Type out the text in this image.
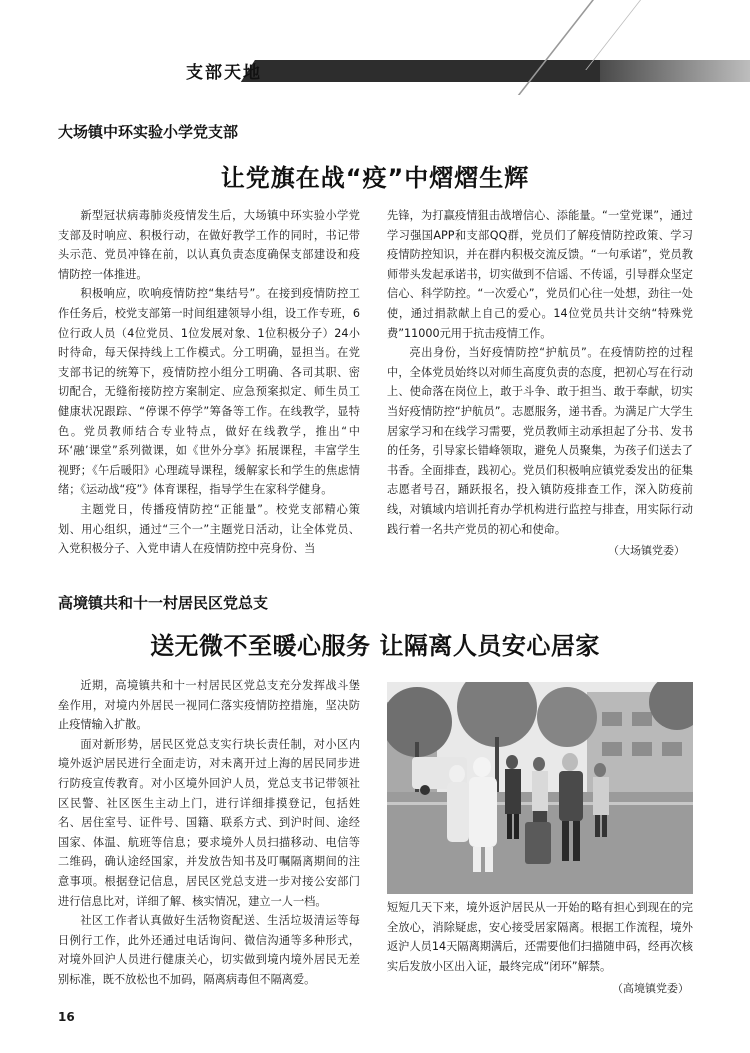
支部天地
大场镇中环实验小学党支部
让党旗在战“疫”中熠熠生辉

新型冠状病毒肺炎疫情发生后，大场镇中环实验小学党支部及时响应、积极行动，在做好教学工作的同时，书记带头示范、党员冲锋在前，以认真负责态度确保支部建设和疫情防控一体推进。

积极响应，吹响疫情防控“集结号”。在接到疫情防控工作任务后，校党支部第一时间组建领导小组，设工作专班，6位行政人员（4位党员、1位发展对象、1位积极分子）24小时待命，每天保持线上工作模式。分工明确，显担当。在党支部书记的统筹下，疫情防控小组分工明确、各司其职、密切配合，无缝衔接防控方案制定、应急预案拟定、师生员工健康状况跟踪、“停课不停学”筹备等工作。在线教学，显特色。党员教师结合专业特点，做好在线教学，推出“中环‘融’课堂”系列微课，如《世外分享》拓展课程，丰富学生视野；《午后暖阳》心理疏导课程，缓解家长和学生的焦虑情绪；《运动战“疫”》体育课程，指导学生在家科学健身。

主题党日，传播疫情防控“正能量”。校党支部精心策划、用心组织，通过“三个一”主题党日活动，让全体党员、入党积极分子、入党申请人在疫情防控中亮身份、当

先锋，为打赢疫情狙击战增信心、添能量。“一堂党课”，通过学习强国APP和支部QQ群，党员们了解疫情防控政策、学习疫情防控知识，并在群内积极交流反馈。“一句承诺”，党员教师带头发起承诺书，切实做到不信谣、不传谣，引导群众坚定信心、科学防控。“一次爱心”，党员们心往一处想，劲往一处使，通过捐款献上自己的爱心。14位党员共计交纳“特殊党费”11000元用于抗击疫情工作。

亮出身份，当好疫情防控“护航员”。在疫情防控的过程中，全体党员始终以对师生高度负责的态度，把初心写在行动上、使命落在岗位上，敢于斗争、敢于担当、敢于奉献，切实当好疫情防控“护航员”。志愿服务，递书香。为满足广大学生居家学习和在线学习需要，党员教师主动承担起了分书、发书的任务，引导家长错峰领取，避免人员聚集，为孩子们送去了书香。全面排查，践初心。党员们积极响应镇党委发出的征集志愿者号召，踊跃报名，投入镇防疫排查工作，深入防疫前线，对镇域内培训托育办学机构进行监控与排查，用实际行动践行着一名共产党员的初心和使命。

（大场镇党委）
高境镇共和十一村居民区党总支
送无微不至暖心服务 让隔离人员安心居家

近期，高境镇共和十一村居民区党总支充分发挥战斗堡垒作用，对境内外居民一视同仁落实疫情防控措施，坚决防止疫情输入扩散。

面对新形势，居民区党总支实行块长责任制，对小区内境外返沪居民进行全面走访，对未离开过上海的居民同步进行防疫宣传教育。对小区境外回沪人员，党总支书记带领社区民警、社区医生主动上门，进行详细排摸登记，包括姓名、居住室号、证件号、国籍、联系方式、到沪时间、途经国家、体温、航班等信息；要求境外人员扫描移动、电信等二维码，确认途经国家，并发放告知书及叮嘱隔离期间的注意事项。根据登记信息，居民区党总支进一步对接公安部门进行信息比对，详细了解、核实情况，建立一人一档。

社区工作者认真做好生活物资配送、生活垃圾清运等每日例行工作，此外还通过电话询问、微信沟通等多种形式，对境外回沪人员进行健康关心，切实做到境内境外居民无差别标准，既不放松也不加码，隔离病毒但不隔离爱。

短短几天下来，境外返沪居民从一开始的略有担心到现在的完全放心，消除疑虑，安心接受居家隔离。根据工作流程，境外返沪人员14天隔离期满后，还需要他们扫描随申码，经再次核实后发放小区出入证，最终完成“闭环”解禁。

（高境镇党委）
16
